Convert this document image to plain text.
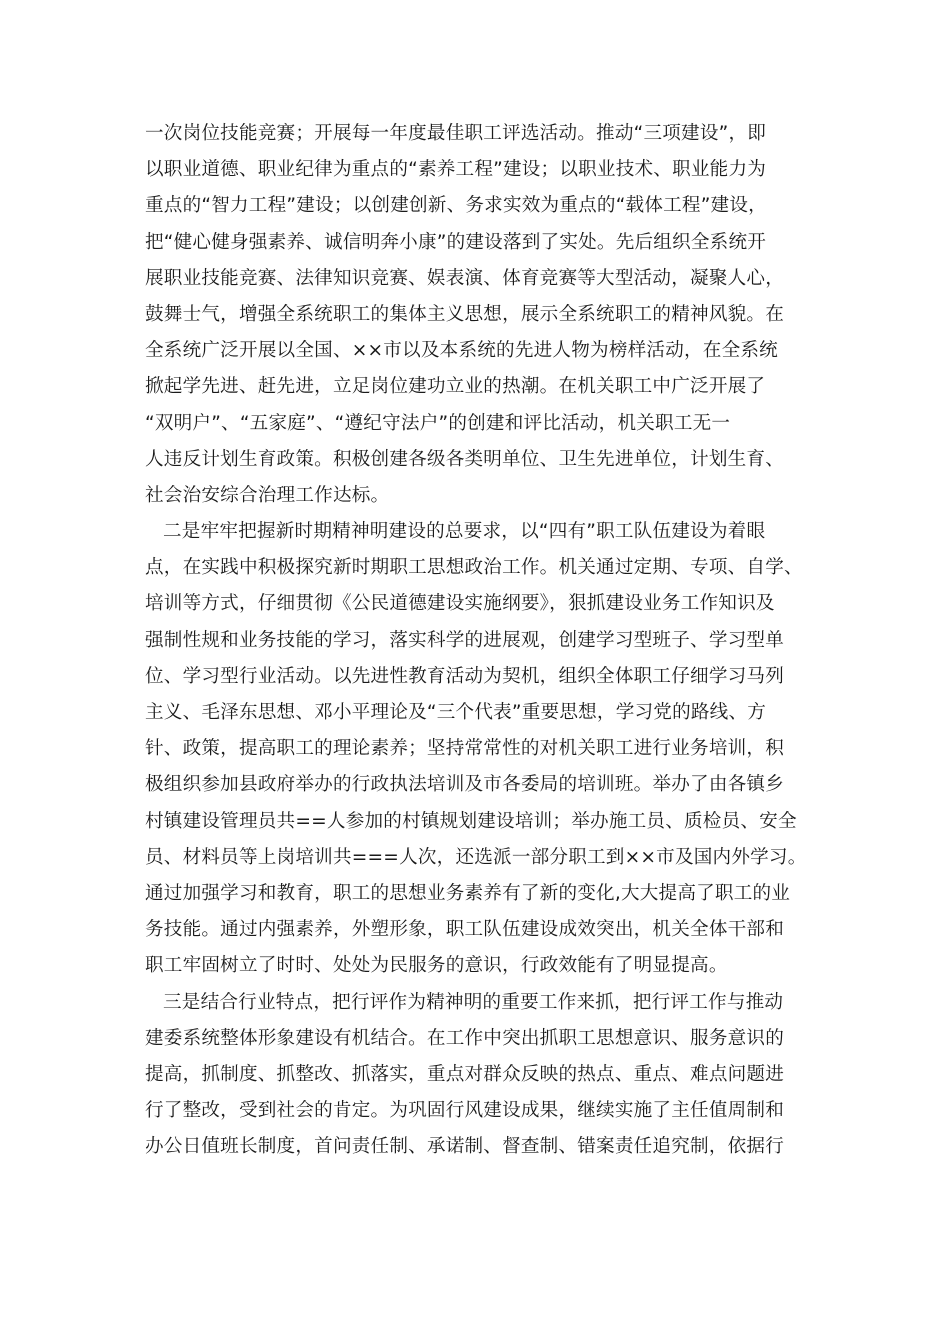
一次岗位技能竞赛；开展每一年度最佳职工评选活动。推动“三项建设”，即
以职业道德、职业纪律为重点的“素养工程”建设；以职业技术、职业能力为
重点的“智力工程”建设；以创建创新、务求实效为重点的“载体工程”建设，
把“健心健身强素养、诚信明奔小康”的建设落到了实处。先后组织全系统开
展职业技能竞赛、法律知识竞赛、娱表演、体育竞赛等大型活动，凝聚人心，
鼓舞士气，增强全系统职工的集体主义思想，展示全系统职工的精神风貌。在
全系统广泛开展以全国、××市以及本系统的先进人物为榜样活动，在全系统
掀起学先进、赶先进，立足岗位建功立业的热潮。在机关职工中广泛开展了
“双明户”、“五家庭”、“遵纪守法户”的创建和评比活动，机关职工无一
人违反计划生育政策。积极创建各级各类明单位、卫生先进单位，计划生育、
社会治安综合治理工作达标。
二是牢牢把握新时期精神明建设的总要求，以“四有”职工队伍建设为着眼
点，在实践中积极探究新时期职工思想政治工作。机关通过定期、专项、自学、
培训等方式，仔细贯彻《公民道德建设实施纲要》，狠抓建设业务工作知识及
强制性规和业务技能的学习，落实科学的进展观，创建学习型班子、学习型单
位、学习型行业活动。以先进性教育活动为契机，组织全体职工仔细学习马列
主义、毛泽东思想、邓小平理论及“三个代表”重要思想，学习党的路线、方
针、政策，提高职工的理论素养；坚持常常性的对机关职工进行业务培训，积
极组织参加县政府举办的行政执法培训及市各委局的培训班。举办了由各镇乡
村镇建设管理员共==人参加的村镇规划建设培训；举办施工员、质检员、安全
员、材料员等上岗培训共===人次，还选派一部分职工到××市及国内外学习。
通过加强学习和教育，职工的思想业务素养有了新的变化,大大提高了职工的业
务技能。通过内强素养，外塑形象，职工队伍建设成效突出，机关全体干部和
职工牢固树立了时时、处处为民服务的意识，行政效能有了明显提高。
三是结合行业特点，把行评作为精神明的重要工作来抓，把行评工作与推动
建委系统整体形象建设有机结合。在工作中突出抓职工思想意识、服务意识的
提高，抓制度、抓整改、抓落实，重点对群众反映的热点、重点、难点问题进
行了整改，受到社会的肯定。为巩固行风建设成果，继续实施了主任值周制和
办公日值班长制度，首问责任制、承诺制、督查制、错案责任追究制，依据行
